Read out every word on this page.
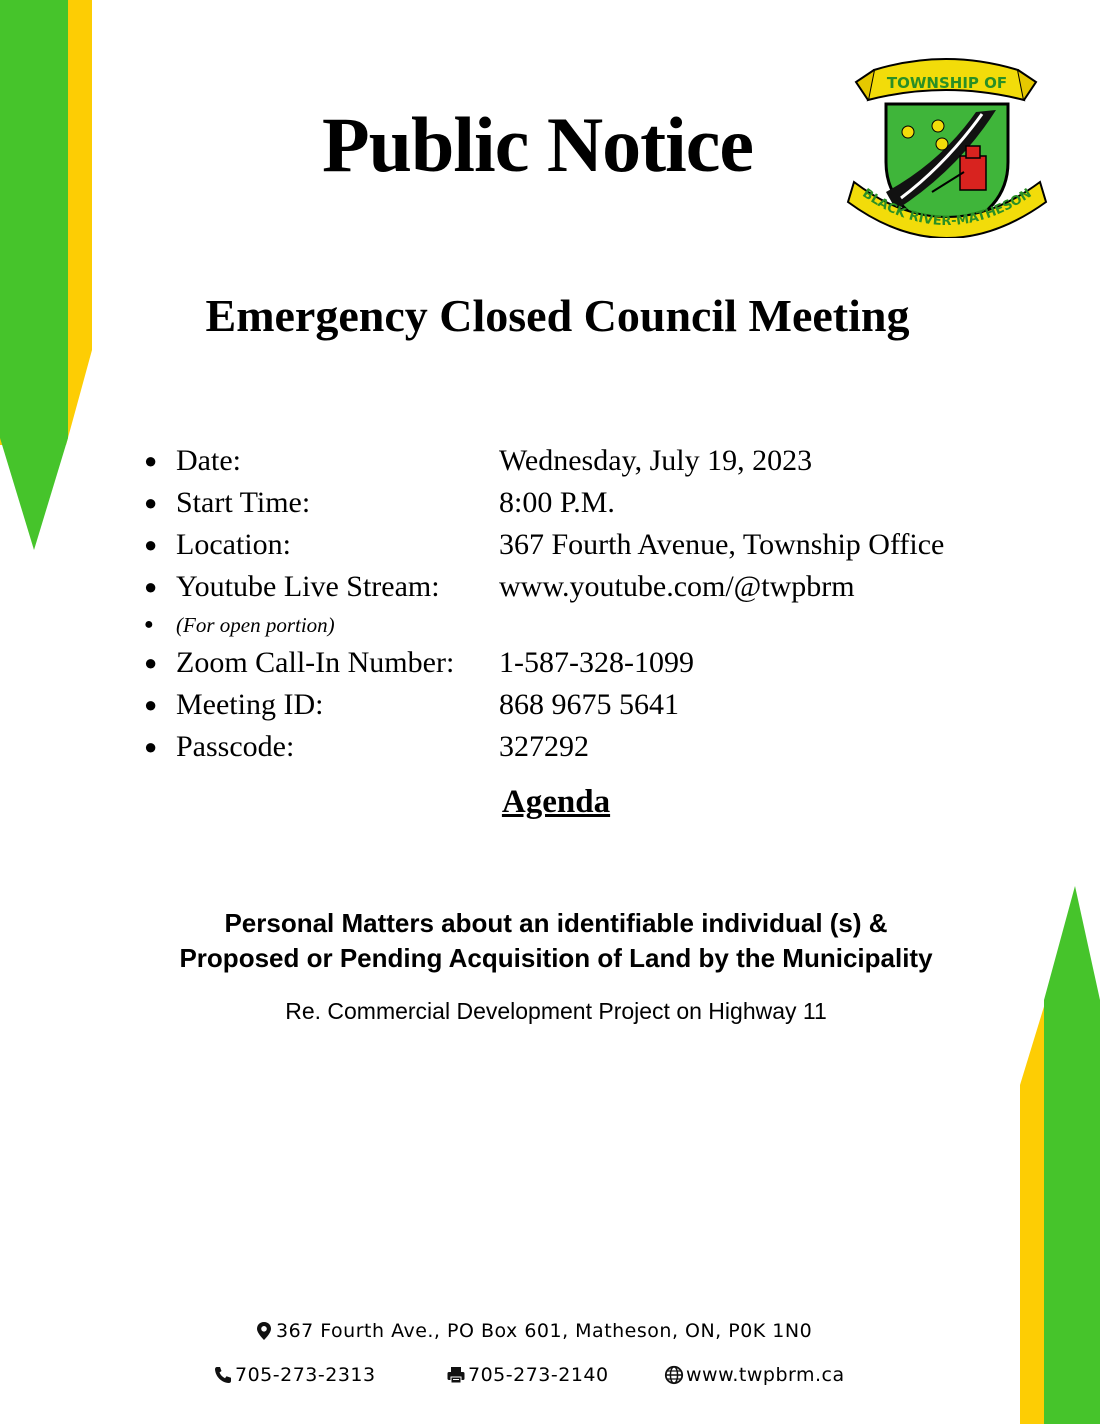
Public Notice
TOWNSHIP OF
BLACK RIVER-MATHESON
Emergency Closed Council Meeting
● Date:	Wednesday, July 19, 2023
● Start Time:	8:00 P.M.
● Location:	367 Fourth Avenue, Township Office
● Youtube Live Stream: www.youtube.com/@twpbrm
● (For open portion)
● Zoom Call-In Number: 1-587-328-1099
● Meeting ID:	868 9675 5641
● Passcode:	327292
Agenda
Personal Matters about an identifiable individual (s) &
Proposed or Pending Acquisition of Land by the Municipality
Re. Commercial Development Project on Highway 11
367 Fourth Ave., PO Box 601, Matheson, ON, P0K 1N0
705-273-2313	705-273-2140	www.twpbrm.ca
